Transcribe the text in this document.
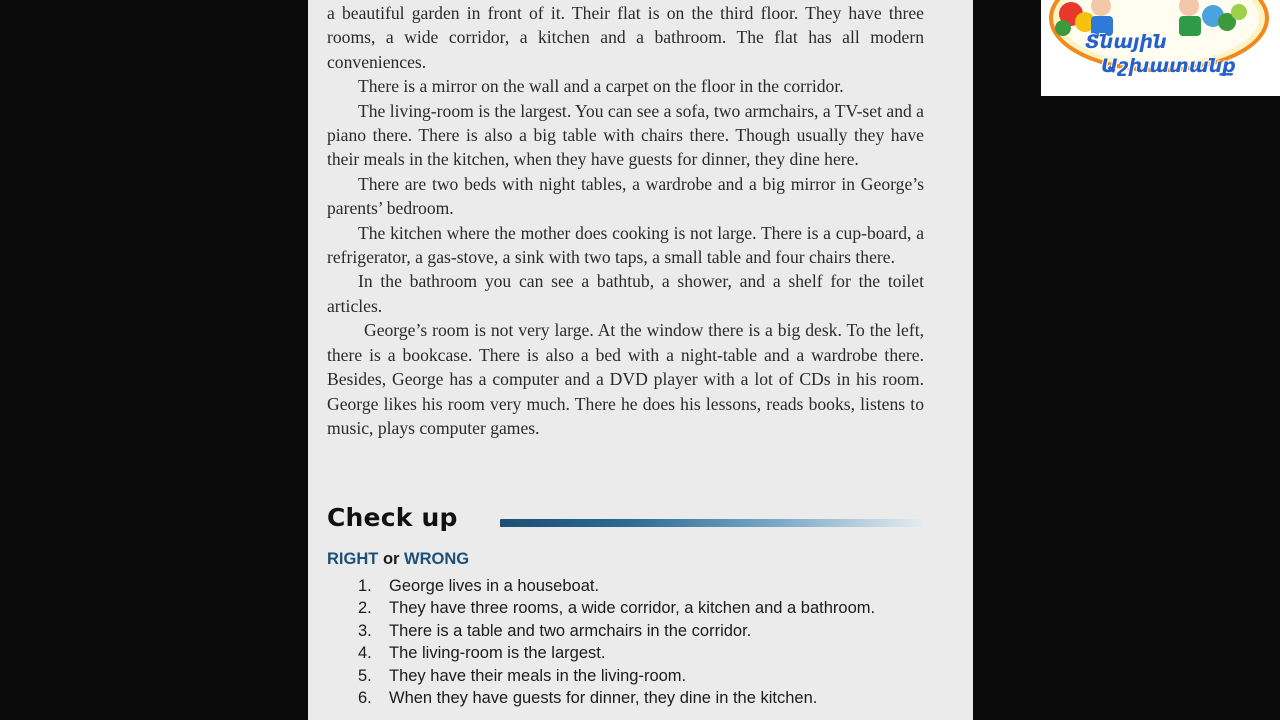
a beautiful garden in front of it. Their flat is on the third floor. They have three rooms, a wide corridor, a kitchen and a bathroom. The flat has all modern conveniences.

There is a mirror on the wall and a carpet on the floor in the corridor.

The living-room is the largest. You can see a sofa, two armchairs, a TV-set and a piano there. There is also a big table with chairs there. Though usually they have their meals in the kitchen, when they have guests for dinner, they dine here.

There are two beds with night tables, a wardrobe and a big mirror in George’s parents’ bedroom.

The kitchen where the mother does cooking is not large. There is a cup-board, a refrigerator, a gas-stove, a sink with two taps, a small table and four chairs there.

In the bathroom you can see a bathtub, a shower, and a shelf for the toilet articles.

George’s room is not very large. At the window there is a big desk. To the left, there is a bookcase. There is also a bed with a night-table and a wardrobe there. Besides, George has a computer and a DVD player with a lot of CDs in his room. George likes his room very much. There he does his lessons, reads books, listens to music, plays computer games.

Check up
RIGHT or WRONG
1. George lives in a houseboat.
2. They have three rooms, a wide corridor, a kitchen and a bathroom.
3. There is a table and two armchairs in the corridor.
4. The living-room is the largest.
5. They have their meals in the living-room.
6. When they have guests for dinner, they dine in the kitchen.
Տնային
Աշխատանք
